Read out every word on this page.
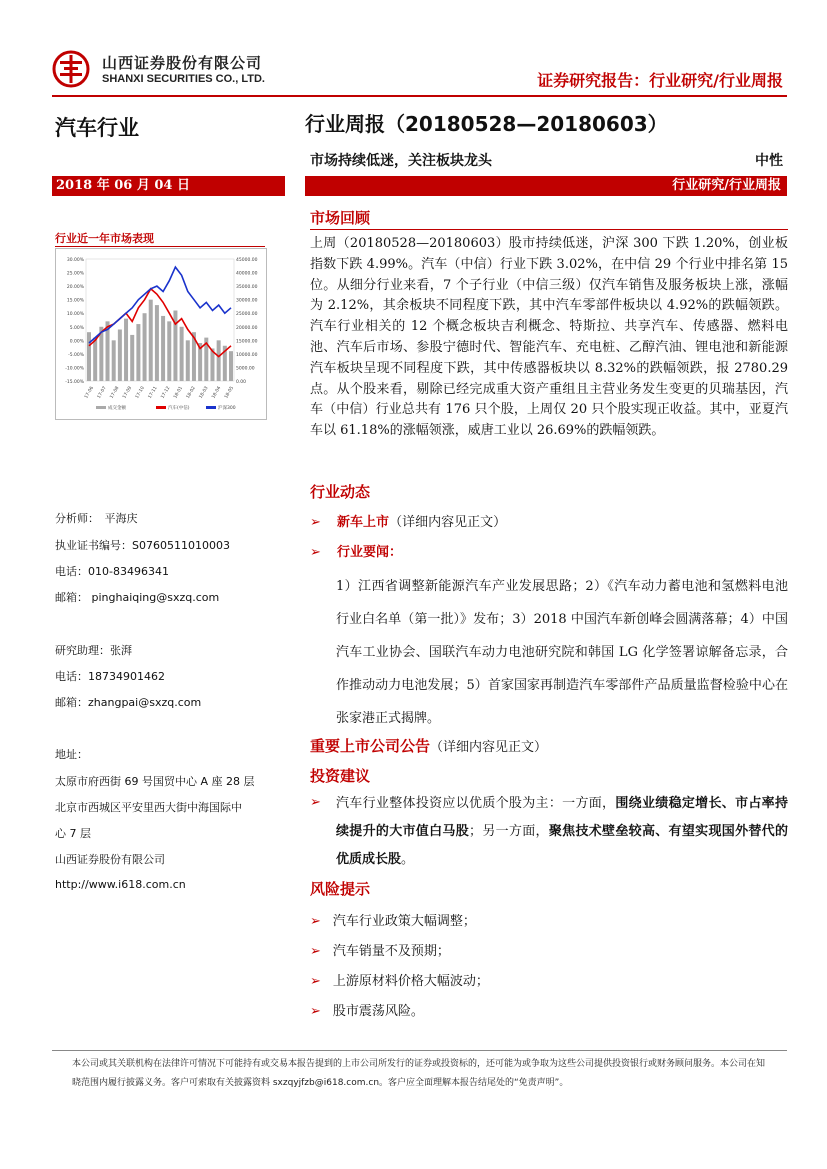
山西证券股份有限公司
SHANXI SECURITIES CO., LTD.	证券研究报告：行业研究/行业周报
汽车行业	行业周报（20180528—20180603）
市场持续低迷，关注板块龙头	中性
2018 年 06 月 04 日	行业研究/行业周报
行业近一年市场表现
30.00%
25.00%
20.00%
15.00%
10.00%
5.00%
0.00%
-5.00%
-10.00%
-15.00%
45000.00
40000.00
35000.00
30000.00
25000.00
20000.00
15000.00
10000.00
5000.00
0.00
17-06 17-07 17-08 17-09 17-10 17-11 17-12 18-01 18-02 18-03 18-04 18-05
成交金额	汽车(中信)	沪深300
分析师：　平海庆
执业证书编号：S0760511010003
电话：010-83496341
邮箱： pinghaiqing@sxzq.com
研究助理：张湃
电话：18734901462
邮箱：zhangpai@sxzq.com
地址：
太原市府西街 69 号国贸中心 A 座 28 层
北京市西城区平安里西大街中海国际中
心 7 层
山西证券股份有限公司
http://www.i618.com.cn
市场回顾
上周（20180528—20180603）股市持续低迷，沪深 300 下跌 1.20%，创业板指数下跌 4.99%。汽车（中信）行业下跌 3.02%，在中信 29 个行业中排名第 15 位。从细分行业来看，7 个子行业（中信三级）仅汽车销售及服务板块上涨，涨幅为 2.12%，其余板块不同程度下跌，其中汽车零部件板块以 4.92%的跌幅领跌。汽车行业相关的 12 个概念板块吉利概念、特斯拉、共享汽车、传感器、燃料电池、汽车后市场、参股宁德时代、智能汽车、充电桩、乙醇汽油、锂电池和新能源汽车板块呈现不同程度下跌，其中传感器板块以 8.32%的跌幅领跌，报 2780.29 点。从个股来看，剔除已经完成重大资产重组且主营业务发生变更的贝瑞基因，汽车（中信）行业总共有 176 只个股，上周仅 20 只个股实现正收益。其中，亚夏汽车以 61.18%的涨幅领涨，威唐工业以 26.69%的跌幅领跌。
行业动态
➢ 新车上市（详细内容见正文）
➢ 行业要闻：
1）江西省调整新能源汽车产业发展思路；2）《汽车动力蓄电池和氢燃料电池行业白名单（第一批）》发布；3）2018 中国汽车新创峰会圆满落幕；4）中国汽车工业协会、国联汽车动力电池研究院和韩国 LG 化学签署谅解备忘录，合作推动动力电池发展；5）首家国家再制造汽车零部件产品质量监督检验中心在张家港正式揭牌。
重要上市公司公告（详细内容见正文）
投资建议
➢ 汽车行业整体投资应以优质个股为主：一方面，围绕业绩稳定增长、市占率持续提升的大市值白马股；另一方面，聚焦技术壁垒较高、有望实现国外替代的优质成长股。
风险提示
➢ 汽车行业政策大幅调整；
➢ 汽车销量不及预期；
➢ 上游原材料价格大幅波动；
➢ 股市震荡风险。
本公司或其关联机构在法律许可情况下可能持有或交易本报告提到的上市公司所发行的证券或投资标的，还可能为或争取为这些公司提供投资银行或财务顾问服务。本公司在知晓范围内履行披露义务。客户可索取有关披露资料 sxzqyjfzb@i618.com.cn。客户应全面理解本报告结尾处的“免责声明”。
